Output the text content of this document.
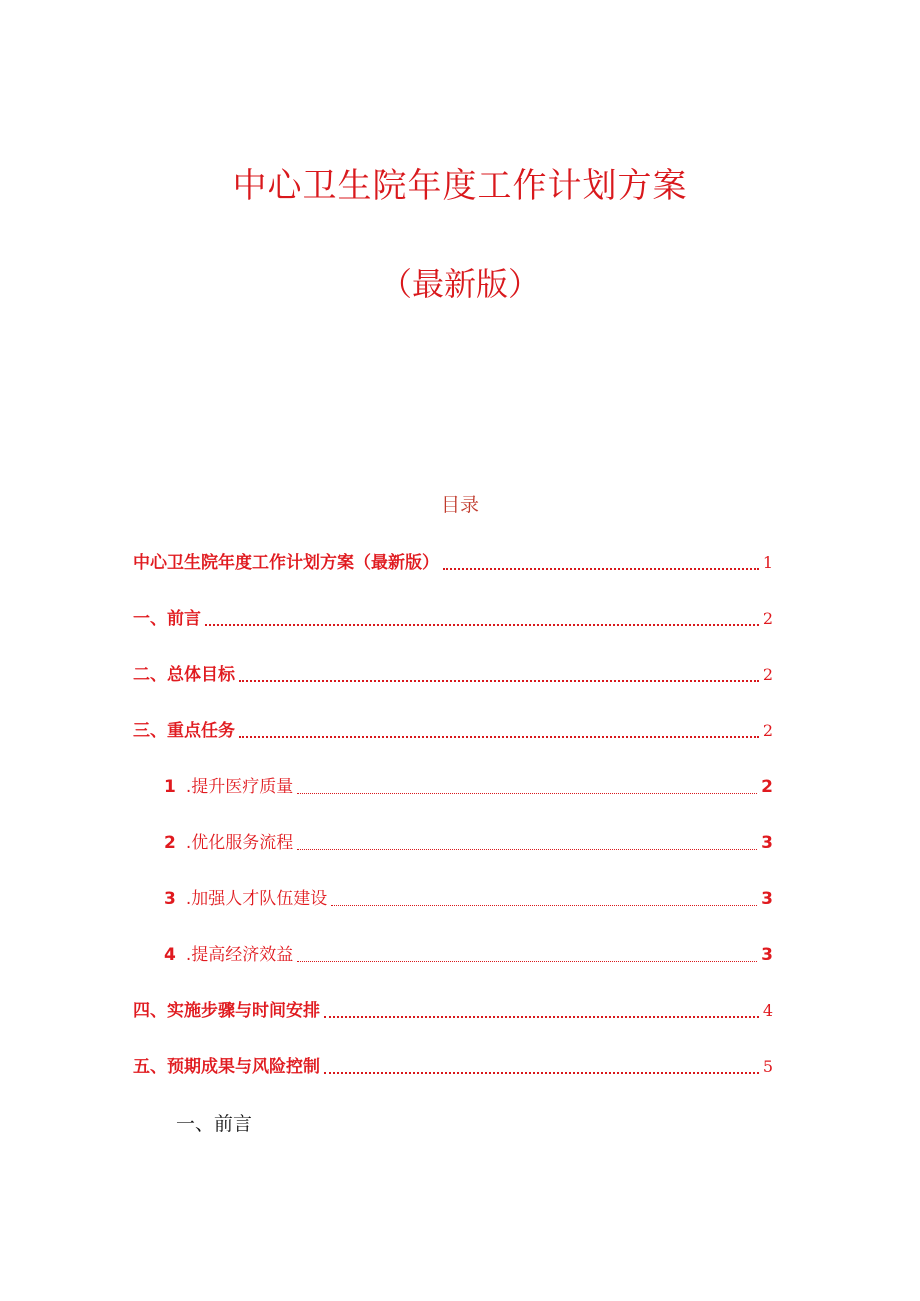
中心卫生院年度工作计划方案
（最新版）
目录
中心卫生院年度工作计划方案（最新版）	1
一、前言	2
二、总体目标	2
三、重点任务	2
1 .提升医疗质量	2
2 .优化服务流程	3
3 .加强人才队伍建设	3
4 .提高经济效益	3
四、实施步骤与时间安排	4
五、预期成果与风险控制	5
一、前言
